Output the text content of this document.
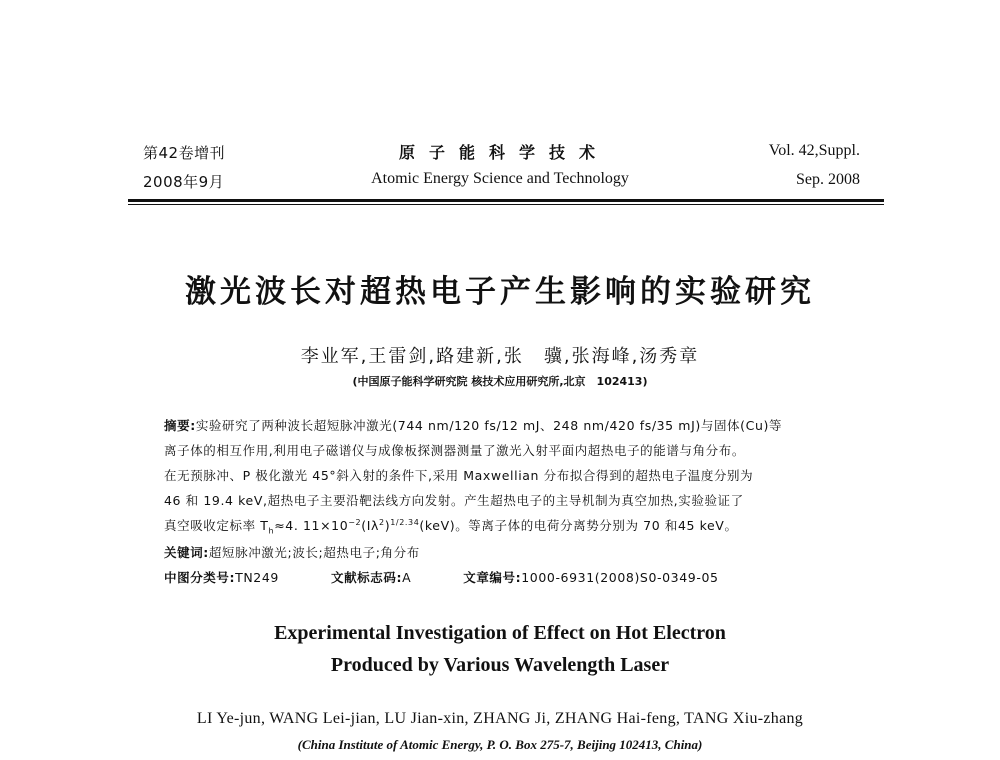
第42卷增刊
2008年9月
原子能科学技术
Atomic Energy Science and Technology
Vol. 42,Suppl.
Sep. 2008
激光波长对超热电子产生影响的实验研究
李业军,王雷剑,路建新,张　骥,张海峰,汤秀章
(中国原子能科学研究院 核技术应用研究所,北京　102413)
摘要:实验研究了两种波长超短脉冲激光(744 nm/120 fs/12 mJ、248 nm/420 fs/35 mJ)与固体(Cu)等
离子体的相互作用,利用电子磁谱仪与成像板探测器测量了激光入射平面内超热电子的能谱与角分布。
在无预脉冲、P 极化激光 45°斜入射的条件下,采用 Maxwellian 分布拟合得到的超热电子温度分别为
46 和 19.4 keV,超热电子主要沿靶法线方向发射。产生超热电子的主导机制为真空加热,实验验证了
真空吸收定标率 $T_h\approx 4$. $11\times 10^{-2}(I\lambda^2)^{1/2.34}(keV)$。等离子体的电荷分离势分别为 70 和45 keV。
关键词:超短脉冲激光;波长;超热电子;角分布
中图分类号:TN249	文献标志码:A	文章编号:1000-6931(2008)S0-0349-05
Experimental Investigation of Effect on Hot Electron
Produced by Various Wavelength Laser
LI Ye-jun, WANG Lei-jian, LU Jian-xin, ZHANG Ji, ZHANG Hai-feng, TANG Xiu-zhang
(China Institute of Atomic Energy, P. O. Box 275-7, Beijing 102413, China)
